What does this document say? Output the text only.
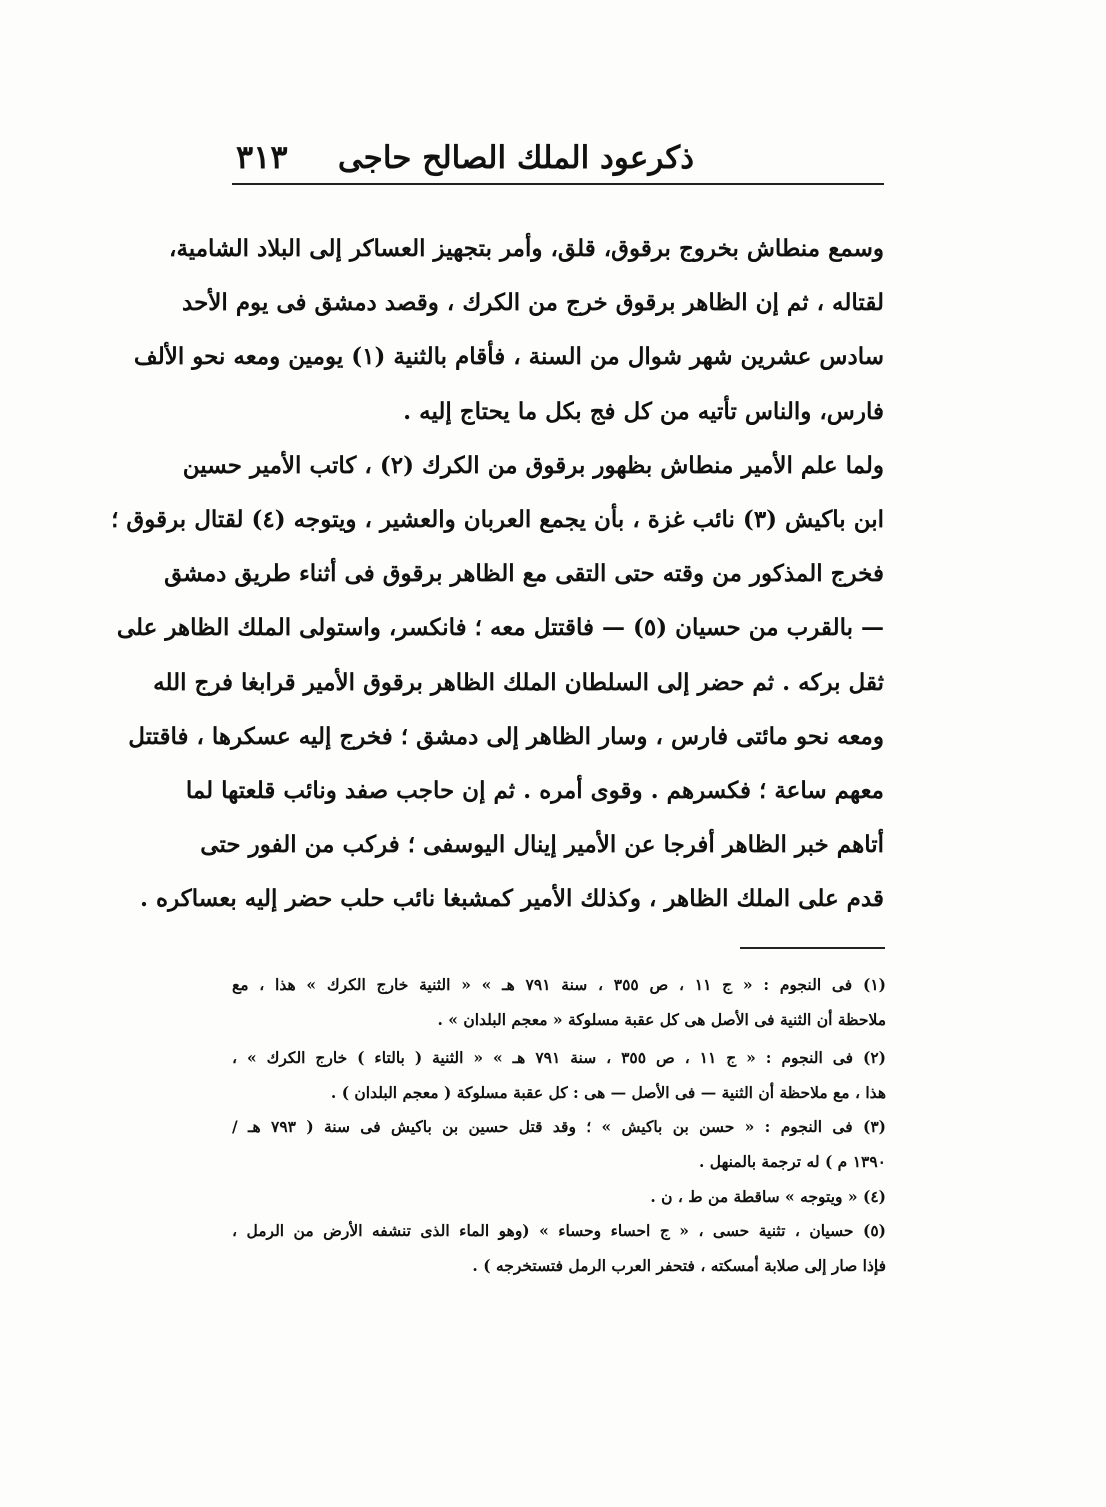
ذكرعود الملك الصالح حاجى
٣١٣
وسمع منطاش بخروج برقوق، قلق، وأمر بتجهيز العساكر إلى البلاد الشامية،
لقتاله ، ثم إن الظاهر برقوق خرج من الكرك ، وقصد دمشق فى يوم الأحد
سادس عشرين شهر شوال من السنة ، فأقام بالثنية (١) يومين ومعه نحو الألف
فارس، والناس تأتيه من كل فج بكل ما يحتاج إليه .
ولما علم الأمير منطاش بظهور برقوق من الكرك (٢) ، كاتب الأمير حسين
ابن باكيش (٣) نائب غزة ، بأن يجمع العربان والعشير ، ويتوجه (٤) لقتال برقوق ؛
فخرج المذكور من وقته حتى التقى مع الظاهر برقوق فى أثناء طريق دمشق
— بالقرب من حسيان (٥) — فاقتتل معه ؛ فانكسر، واستولى الملك الظاهر على
ثقل بركه . ثم حضر إلى السلطان الملك الظاهر برقوق الأمير قرابغا فرج الله
ومعه نحو مائتى فارس ، وسار الظاهر إلى دمشق ؛ فخرج إليه عسكرها ، فاقتتل
معهم ساعة ؛ فكسرهم . وقوى أمره . ثم إن حاجب صفد ونائب قلعتها لما
أتاهم خبر الظاهر أفرجا عن الأمير إينال اليوسفى ؛ فركب من الفور حتى
قدم على الملك الظاهر ، وكذلك الأمير كمشبغا نائب حلب حضر إليه بعساكره .
(١) فى النجوم : « ج ١١ ، ص ٣٥٥ ، سنة ٧٩١ هـ » « الثنية خارج الكرك » هذا ، مع
ملاحظة أن الثنية فى الأصل هى كل عقبة مسلوكة « معجم البلدان » .
(٢) فى النجوم : « ج ١١ ، ص ٣٥٥ ، سنة ٧٩١ هـ » « الثنية ( بالتاء ) خارج الكرك » ،
هذا ، مع ملاحظة أن الثنية — فى الأصل — هى : كل عقبة مسلوكة ( معجم البلدان ) .
(٣) فى النجوم : « حسن بن باكيش » ؛ وقد قتل حسين بن باكيش فى سنة ( ٧٩٣ هـ /
١٣٩٠ م ) له ترجمة بالمنهل .
(٤) « ويتوجه » ساقطة من ط ، ن .
(٥) حسيان ، تثنية حسى ، « ج احساء وحساء » (وهو الماء الذى تنشفه الأرض من الرمل ،
فإذا صار إلى صلابة أمسكته ، فتحفر العرب الرمل فتستخرجه ) .
